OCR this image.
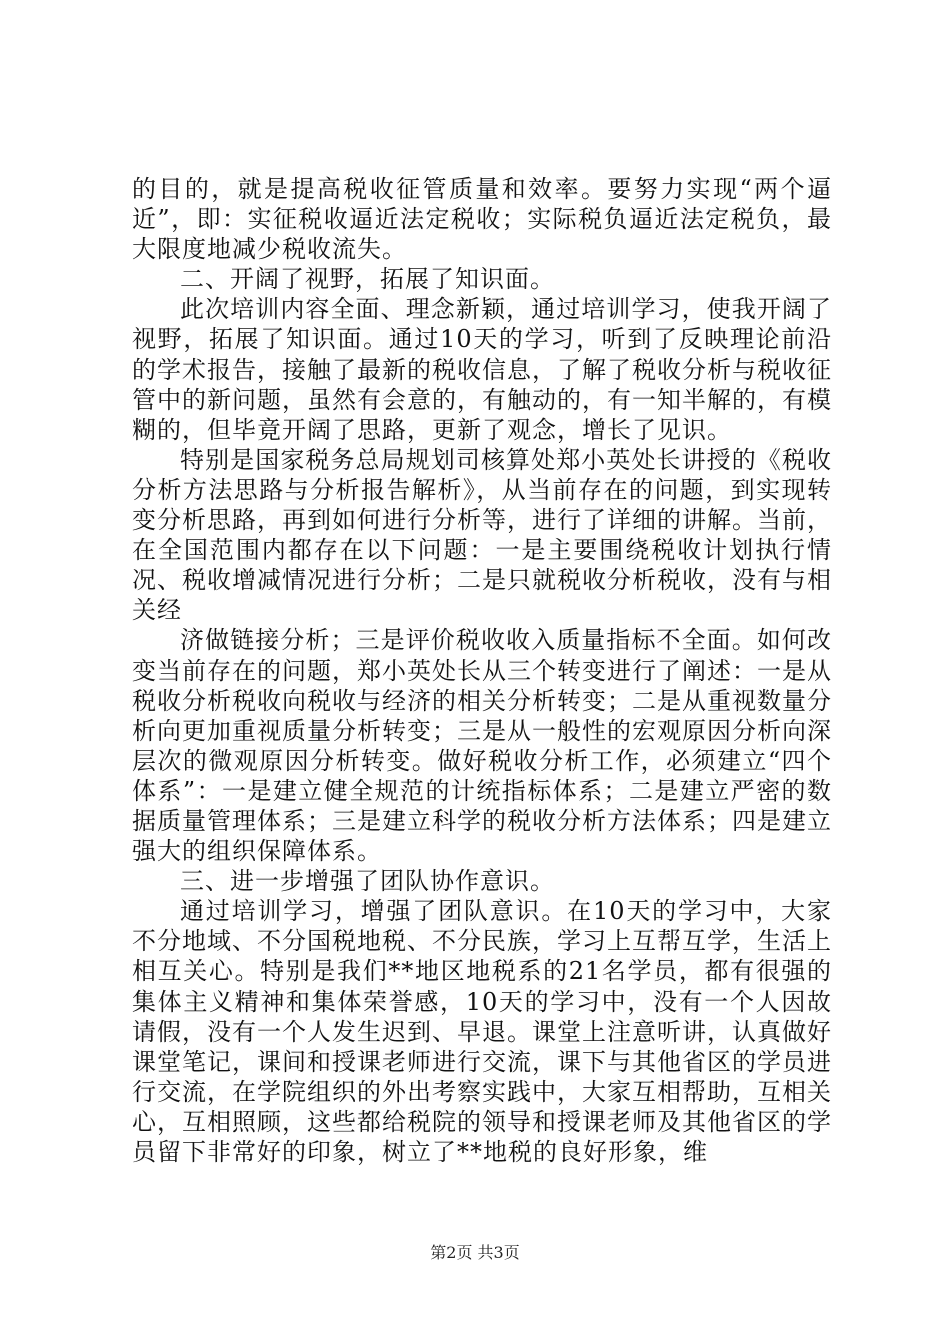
的目的，就是提高税收征管质量和效率。要努力实现“两个逼近”，即：实征税收逼近法定税收；实际税负逼近法定税负，最大限度地减少税收流失。

二、开阔了视野，拓展了知识面。

此次培训内容全面、理念新颖，通过培训学习，使我开阔了视野，拓展了知识面。通过10天的学习，听到了反映理论前沿的学术报告，接触了最新的税收信息，了解了税收分析与税收征管中的新问题，虽然有会意的，有触动的，有一知半解的，有模糊的，但毕竟开阔了思路，更新了观念，增长了见识。

特别是国家税务总局规划司核算处郑小英处长讲授的《税收分析方法思路与分析报告解析》，从当前存在的问题，到实现转变分析思路，再到如何进行分析等，进行了详细的讲解。当前，在全国范围内都存在以下问题：一是主要围绕税收计划执行情况、税收增减情况进行分析；二是只就税收分析税收，没有与相关经

济做链接分析；三是评价税收收入质量指标不全面。如何改变当前存在的问题，郑小英处长从三个转变进行了阐述：一是从税收分析税收向税收与经济的相关分析转变；二是从重视数量分析向更加重视质量分析转变；三是从一般性的宏观原因分析向深层次的微观原因分析转变。做好税收分析工作，必须建立“四个体系”：一是建立健全规范的计统指标体系；二是建立严密的数据质量管理体系；三是建立科学的税收分析方法体系；四是建立强大的组织保障体系。

三、进一步增强了团队协作意识。

通过培训学习，增强了团队意识。在10天的学习中，大家不分地域、不分国税地税、不分民族，学习上互帮互学，生活上相互关心。特别是我们**地区地税系的21名学员，都有很强的集体主义精神和集体荣誉感，10天的学习中，没有一个人因故请假，没有一个人发生迟到、早退。课堂上注意听讲，认真做好课堂笔记，课间和授课老师进行交流，课下与其他省区的学员进行交流，在学院组织的外出考察实践中，大家互相帮助，互相关心，互相照顾，这些都给税院的领导和授课老师及其他省区的学员留下非常好的印象，树立了**地税的良好形象，维

第2页 共3页
